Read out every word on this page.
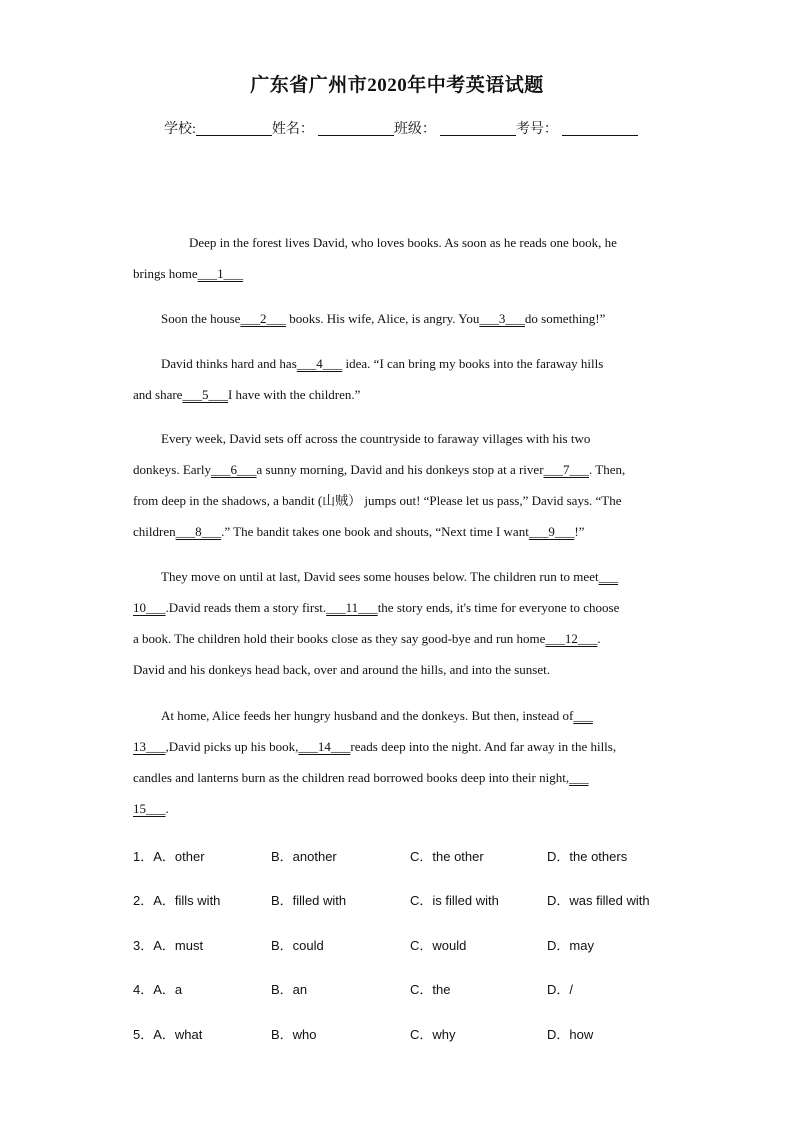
广东省广州市2020年中考英语试题
学校:	姓名：	班级：	考号：
Deep in the forest lives David, who loves books. As soon as he reads one book, he
brings home___1___
Soon the house___2___ books. His wife, Alice, is angry. You___3___do something!”
David thinks hard and has___4___ idea. “I can bring my books into the faraway hills
and share___5___I have with the children.”
Every week, David sets off across the countryside to faraway villages with his two
donkeys. Early___6___a sunny morning, David and his donkeys stop at a river___7___. Then,
from deep in the shadows, a bandit (山贼） jumps out! “Please let us pass,” David says. “The
children___8___.” The bandit takes one book and shouts, “Next time I want___9___!”
They move on until at last, David sees some houses below. The children run to meet___
10___.David reads them a story first.___11___the story ends, it's time for everyone to choose
a book. The children hold their books close as they say good-bye and run home___12___.
David and his donkeys head back, over and around the hills, and into the sunset.
At home, Alice feeds her hungry husband and the donkeys. But then, instead of___
13___,David picks up his book,___14___reads deep into the night. And far away in the hills,
candles and lanterns burn as the children read borrowed books deep into their night,___
15___.
1．A．other	B．another	C．the other	D．the others
2．A．fills with	B．filled with	C．is filled with	D．was filled with
3．A．must	B．could	C．would	D．may
4．A．a	B．an	C．the	D．/
5．A．what	B．who	C．why	D．how
